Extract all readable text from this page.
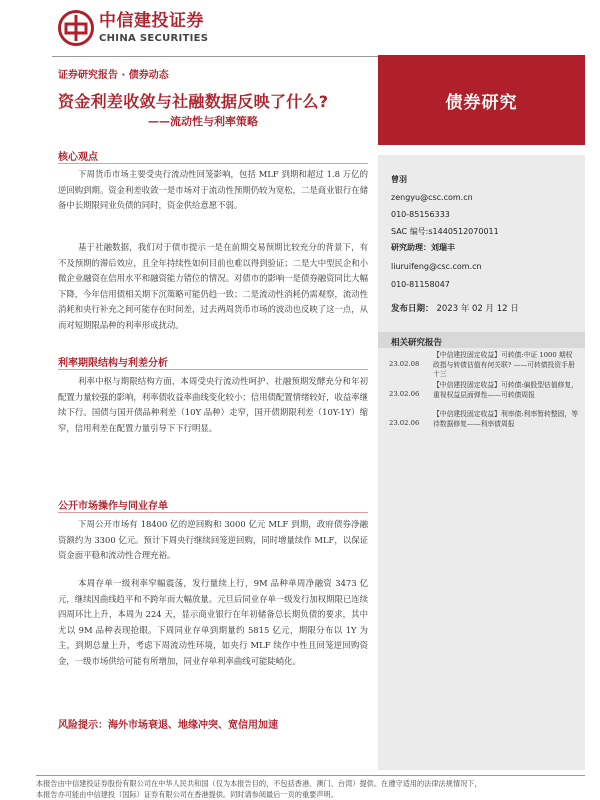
中信建投证券
CHINA SECURITIES
证券研究报告 · 债券动态
资金利差收敛与社融数据反映了什么?
——流动性与利率策略
债券研究
核心观点

下周货币市场主要受央行流动性回笼影响，包括 MLF 到期和超过 1.8 万亿的逆回购到期。资金利差收敛一是市场对于流动性预期仍较为宽松，二是商业银行在储备中长期限同业负债的同时，资金供给意愿不弱。

基于社融数据，我们对于债市提示一是在前期交易预期比较充分的背景下，有不及预期的滞后效应，且全年持续性如何目前也难以得到验证；二是大中型民企和小微企业融资在信用水平和融资能力错位的情况。对债市的影响一是债券融资同比大幅下降，今年信用债相关期下沉策略可能仍趋一致；二是流动性消耗仍需观察，流动性消耗和央行补充之间可能存在时间差，过去两周货币市场的波动也反映了这一点，从而对短期限品种的利率形成扰动。

利率期限结构与利差分析

利率中枢与期限结构方面，本周受央行流动性呵护、社融预期发酵充分和年初配置力量较强的影响，利率债收益率曲线变化较小；信用债配置情绪较好，收益率继续下行。国债与国开债品种利差（10Y 品种）走窄，国开债期限利差（10Y-1Y）缩窄，信用利差在配置力量引导下下行明显。

公开市场操作与同业存单

下周公开市场有 18400 亿的逆回购和 3000 亿元 MLF 到期，政府债券净融资额约为 3300 亿元。预计下周央行继续回笼逆回购，同时增量续作 MLF，以保证资金面平稳和流动性合理充裕。

本周存单一级利率窄幅震荡，发行量续上行，9M 品种单周净融资 3473 亿元，继续因曲线趋平和不跨年而大幅放量。元旦后同业存单一级发行加权期限已连续四周环比上升，本周为 224 天，显示商业银行在年初储备总长期负债的要求，其中尤以 9M 品种表现抢眼。下周同业存单到期量约 5815 亿元，期限分布以 1Y 为主，到期总量上升，考虑下周流动性环境，如央行 MLF 续作中性且回笼逆回购资金，一级市场供给可能有所增加，同业存单利率曲线可能陡峭化。

风险提示：海外市场衰退、地缘冲突、宽信用加速
曾羽
zengyu@csc.com.cn
010-85156333
SAC 编号:s1440512070011
研究助理：刘瑞丰
liuruifeng@csc.com.cn
010-81158047
发布日期： 2023 年 02 月 12 日
相关研究报告
23.02.08
【中信建投固定收益】可转债:中证 1000 期权政指与转债估值有何关联? ——可转债投资手册十三
23.02.06
【中信建投固定收益】可转债:偏股型估值修复，重视权益层面弹性——可转债周报
23.02.06
【中信建投固定收益】利率债:利率暂转整固，等待数据修复——利率债周报
本报告由中信建投证券股份有限公司在中华人民共和国（仅为本报告目的，不包括香港、澳门、台湾）提供。在遵守适用的法律法规情况下，
本报告亦可能由中信建投（国际）证券有限公司在香港提供。同时请参阅最后一页的重要声明。
